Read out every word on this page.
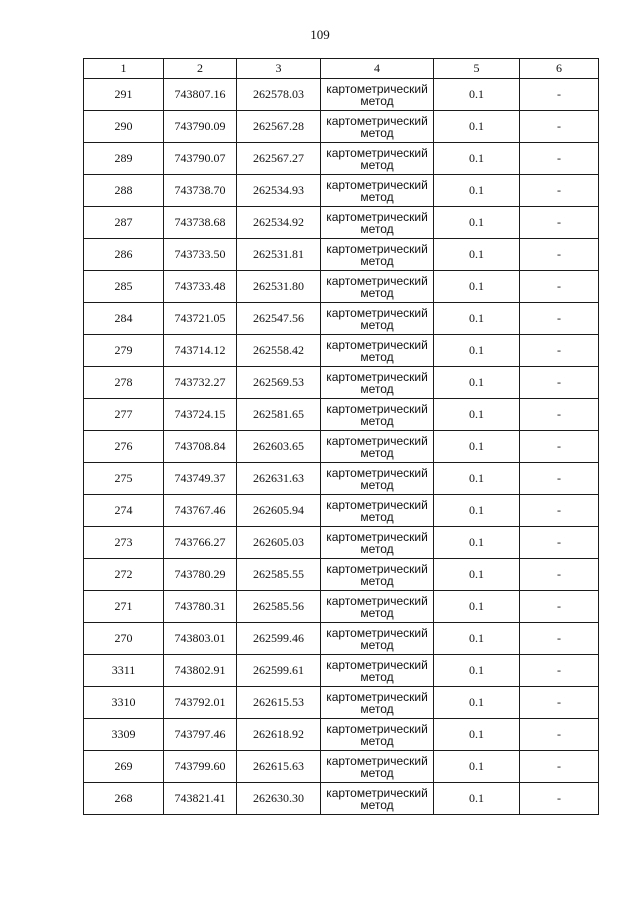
109
1	2	3	4	5	6
291	743807.16	262578.03	картометрический метод	0.1	-
290	743790.09	262567.28	картометрический метод	0.1	-
289	743790.07	262567.27	картометрический метод	0.1	-
288	743738.70	262534.93	картометрический метод	0.1	-
287	743738.68	262534.92	картометрический метод	0.1	-
286	743733.50	262531.81	картометрический метод	0.1	-
285	743733.48	262531.80	картометрический метод	0.1	-
284	743721.05	262547.56	картометрический метод	0.1	-
279	743714.12	262558.42	картометрический метод	0.1	-
278	743732.27	262569.53	картометрический метод	0.1	-
277	743724.15	262581.65	картометрический метод	0.1	-
276	743708.84	262603.65	картометрический метод	0.1	-
275	743749.37	262631.63	картометрический метод	0.1	-
274	743767.46	262605.94	картометрический метод	0.1	-
273	743766.27	262605.03	картометрический метод	0.1	-
272	743780.29	262585.55	картометрический метод	0.1	-
271	743780.31	262585.56	картометрический метод	0.1	-
270	743803.01	262599.46	картометрический метод	0.1	-
3311	743802.91	262599.61	картометрический метод	0.1	-
3310	743792.01	262615.53	картометрический метод	0.1	-
3309	743797.46	262618.92	картометрический метод	0.1	-
269	743799.60	262615.63	картометрический метод	0.1	-
268	743821.41	262630.30	картометрический метод	0.1	-
